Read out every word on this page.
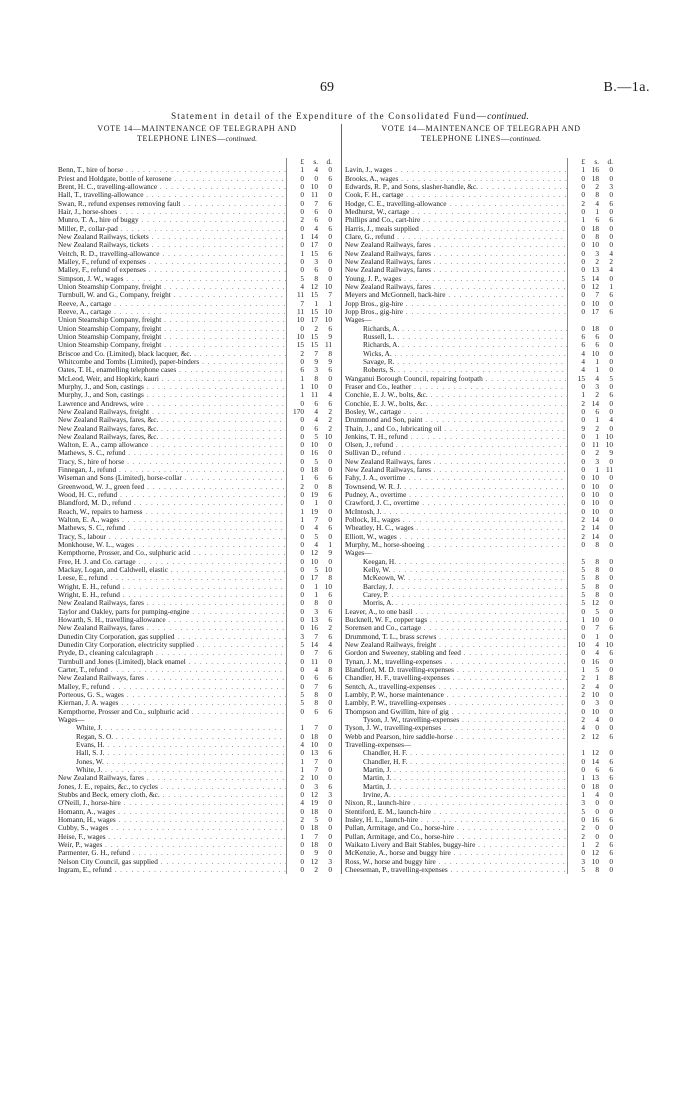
69	B.—1a.
Statement in detail of the Expenditure of the Consolidated Fund—continued.
VOTE 14—MAINTENANCE OF TELEGRAPH AND
TELEPHONE LINES—continued.
£	s.	d.
Benn, T., hire of horse . . .	1	4	0
Priest and Holdgate, bottle of kerosene . . .	0	0	6
Brent, H. C., travelling-allowance . . .	0 10	0
Hall, T., travelling-allowance . . .	0 11	0
Swan, R., refund expenses removing fault . . .	0	7	6
Hair, J., horse-shoes . . .	0	6	0
Munro, T. A., hire of buggy . . .	2	6	0
Miller, P., collar-pad . . .	0	4	6
New Zealand Railways, tickets . . .	1 14	0
New Zealand Railways, tickets . . .	0 17	0
Veitch, R. D., travelling-allowance . . .	1 15	6
Malley, F., refund of expenses . . .	0	3	0
Malley, F., refund of expenses . . .	0	6	0
Simpson, J. W., wages . . .	5	8	0
Union Steamship Company, freight . . .	4 12 10
Turnbull, W. and G., Company, freight . . .	11 15	7
Reeve, A., cartage . . .	7	1	1
Reeve, A., cartage . . .	11 15 10
Union Steamship Company, freight . . .	10 17 10
Union Steamship Company, freight . . .	0	2	6
Union Steamship Company, freight . . .	10 15	9
Union Steamship Company, freight . . .	15 15 11
Briscoe and Co. (Limited), black lacquer, &c. . . .	2	7	8
Whitcombe and Tombs (Limited), paper-binders . . .	0	9	9
Oates, T. H., enamelling telephone cases . . .	6	3	6
McLeod, Weir, and Hopkirk, kauri . . .	1	8	0
Murphy, J., and Son, castings . . .	1 10	0
Murphy, J., and Son, castings . . .	1 11	4
Lawrence and Andrews, wire . . .	0	6	6
New Zealand Railways, freight . . .	170	4	2
New Zealand Railways, fares, &c. . . .	0	4	2
New Zealand Railways, fares, &c. . . .	0	6	2
New Zealand Railways, fares, &c. . . .	0	5 10
Walton, E. A., camp allowance . . .	0 10	0
Mathews, S. C., refund . . .	0 16	0
Tracy, S., hire of horse . . .	0	5	0
Finnegan, J., refund . . .	0 18	0
Wiseman and Sons (Limited), horse-collar . . .	1	6	6
Greenwood, W. J., green feed . . .	2	0	8
Wood, H. C., refund . . .	0 19	6
Blandford, M. D., refund . . .	0	1	0
Reach, W., repairs to harness . . .	1 19	0
Walton, E. A., wages . . .	1	7	0
Mathews, S. C., refund . . .	0	4	6
Tracy, S., labour . . .	0	5	0
Monkhouse, W. L., wages . . .	0	4	1
Kempthorne, Prosser, and Co., sulphuric acid . . .	0 12	9
Free, H. J. and Co. cartage . . .	0 10	0
Mackay, Logan, and Caldwell, elastic . . .	0	5 10
Leese, E., refund . . .	0 17	8
Wright, E. H., refund . . .	0	1 10
Wright, E. H., refund . . .	0	1	6
New Zealand Railways, fares . . .	0	8	0
Taylor and Oakley, parts for pumping-engine . . .	0	3	6
Howarth, S. H., travelling-allowance . . .	0 13	6
New Zealand Railways, fares . . .	0 16	2
Dunedin City Corporation, gas supplied . . .	3	7	6
Dunedin City Corporation, electricity supplied . . .	5 14	4
Pryde, D., cleaning calculagraph . . .	0	7	6
Turnbull and Jones (Limited), black enamel . . .	0 11	0
Carter, T., refund . . .	0	4	8
New Zealand Railways, fares . . .	0	6	6
Malley, F., refund . . .	0	7	6
Porteous, G. S., wages . . .	5	8	0
Kiernan, J. A. wages . . .	5	8	0
Kempthorne, Prosser and Co., sulphuric acid . . .	0	6	6
Wages—
White, J. . . .	1	7	0
Regan, S. O. . . .	0 18	0
Evans, H. . . .	4 10	0
Hall, S. J. . . .	0 13	6
Jones, W. . . .	1	7	0
White, J. . . .	1	7	0
New Zealand Railways, fares . . .	2 10	0
Jones, J. E., repairs, &c., to cycles . . .	0	3	6
Stubbs and Beck, emery cloth, &c. . . .	0 12	3
O'Neill, J., horse-hire . . .	4 19	0
Homann, A., wages . . .	0 18	0
Homann, H., wages . . .	2	5	0
Cubby, S., wages . . .	0 18	0
Heise, F., wages . . .	1	7	0
Weir, P., wages . . .	0 18	0
Parmenter, G. H., refund . . .	0	9	0
Nelson City Council, gas supplied . . .	0 12	3
Ingram, E., refund . . .	0	2	0
VOTE 14—MAINTENANCE OF TELEGRAPH AND
TELEPHONE LINES—continued.
£	s.	d.
Lavin, J., wages . . .	1 16	0
Brooks, A., wages . . .	0 18	0
Edwards, R. P., and Sons, slasher-handle, &c. . . .	0	2	3
Cook, F. H., cartage . . .	0	8	0
Hodge, C. E., travelling-allowance . . .	2	4	6
Medhurst, W., cartage . . .	0	1	0
Phillips and Co., cart-hire . . .	1	6	6
Harris, J., meals supplied . . .	0 18	0
Clare, G., refund . . .	0	8	0
New Zealand Railways, fares . . .	0 10	0
New Zealand Railways, fares . . .	0	3	4
New Zealand Railways, fares . . .	0	2	2
New Zealand Railways, fares . . .	0 13	4
Young, J. P., wages . . .	5 14	0
New Zealand Railways, fares . . .	0 12	1
Meyers and McGonnell, hack-hire . . .	0	7	6
Jopp Bros., gig-hire . . .	0 10	0
Jopp Bros., gig-hire . . .	0 17	6
Wages—
Richards, A. . . .	0 18	0
Russell, L. . . .	6	6	0
Richards, A. . . .	6	6	0
Wicks, A. . . .	4 10	0
Savage, R. . . .	4	1	0
Roberts, S. . . .	4	1	0
Wanganui Borough Council, repairing footpath . . .	15	4	5
Fraser and Co., leather . . .	0	3	0
Conchie, E. J. W., bolts, &c. . . .	1	2	6
Conchie, E. J. W., bolts, &c. . . .	2 14	0
Bosley, W., cartage . . .	0	6	0
Drummond and Son, paint . . .	0	1	4
Thain, J., and Co., lubricating oil . . .	9	2	0
Jenkins, T. H., refund . . .	0	1 10
Olsen, J., refund . . .	0 11 10
Sullivan D., refund . . .	0	2	9
New Zealand Railways, fares . . .	0	3	0
New Zealand Railways, fares . . .	0	1 11
Fahy, J. A., overtime . . .	0 10	0
Townsend, W. R. J. . . .	0 10	0
Pudney, A., overtime . . .	0 10	0
Crawford, J. C., overtime . . .	0 10	0
McIntosh, J. . . .	0 10	0
Pollock, H., wages . . .	2 14	0
Wheatley, H. C., wages . . .	2 14	0
Elliott, W., wages . . .	2 14	0
Murphy, M., horse-shoeing . . .	0	8	0
Wages—
Keegan, H. . . .	5	8	0
Kelly, W. . . .	5	8	0
McKeown, W. . . .	5	8	0
Barclay, J. . . .	5	8	0
Carey, P. . . .	5	8	0
Morris, A. . . .	5 12	0
Leaver, A., to one basil . . .	0	5	0
Bucknell, W. F., copper tags . . .	1 10	0
Sorensen and Co., cartage . . .	0	7	6
Drummond, T. L., brass screws . . .	0	1	0
New Zealand Railways, freight . . .	10	4 10
Gordon and Sweeney, stabling and feed . . .	0	4	6
Tynan, J. M., travelling-expenses . . .	0 16	0
Blandford, M. D. travelling-expenses . . .	1	5	0
Chandler, H. F., travelling-expenses . . .	2	1	8
Sentch, A., travelling-expenses . . .	2	4	0
Lambly, P. W., horse maintenance . . .	2 10	0
Lambly, P. W., travelling-expenses . . .	0	3	0
Thompson and Gwillim, hire of gig . . .	0 10	0
Tyson, J. W., travelling-expenses . . .	2	4	0
Tyson, J. W., travelling-expenses . . .	4	0	0
Webb and Pearson, hire saddle-horse . . .	2 12	6
Travelling-expenses—
Chandler, H. F. . . .	1 12	0
Chandler, H. F. . . .	0 14	6
Martin, J. . . .	0	6	6
Martin, J. . . .	1 13	6
Martin, J. . . .	0 18	0
Irvine, A. . . .	1	4	0
Nixon, R., launch-hire . . .	3	0	0
Stentiford, E. M., launch-hire . . .	5	0	0
Insley, H. L., launch-hire . . .	0 16	6
Pullan, Armitage, and Co., horse-hire . . .	2	0	0
Pullan, Armitage, and Co., horse-hire . . .	2	0	0
Waikato Livery and Bait Stables, buggy-hire . . .	1	2	6
McKenzie, A., horse and buggy hire . . .	0 12	6
Ross, W., horse and buggy hire . . .	3 10	0
Cheeseman, P., travelling-expenses . . .	5	8	0
